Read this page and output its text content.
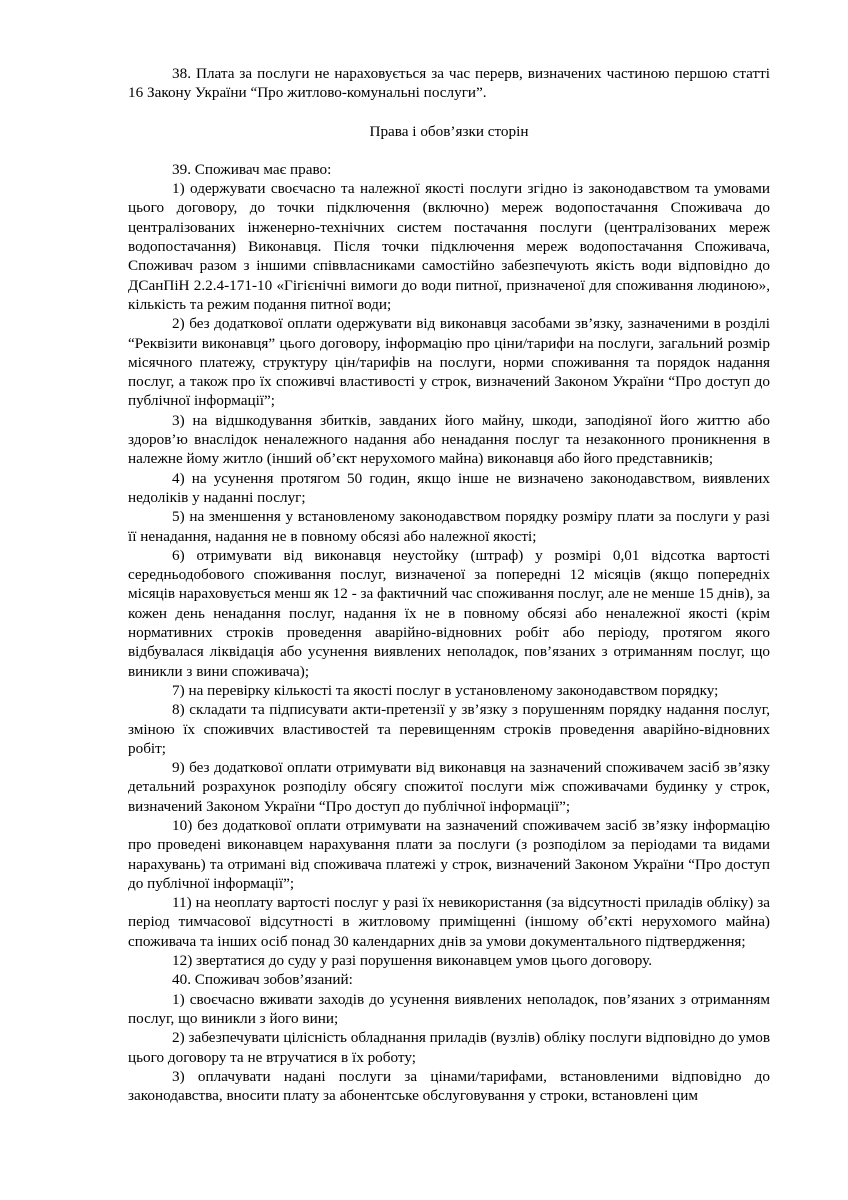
38. Плата за послуги не нараховується за час перерв, визначених частиною першою статті 16 Закону України “Про житлово-комунальні послуги”.

Права і обов’язки сторін

39. Споживач має право:

1) одержувати своєчасно та належної якості послуги згідно із законодавством та умовами цього договору, до точки підключення (включно) мереж водопостачання Споживача до централізованих інженерно-технічних систем постачання послуги (централізованих мереж водопостачання) Виконавця. Після точки підключення мереж водопостачання Споживача, Споживач разом з іншими співвласниками самостійно забезпечують якість води відповідно до ДСанПіН 2.2.4-171-10 «Гігієнічні вимоги до води питної, призначеної для споживання людиною», кількість та режим подання питної води;

2) без додаткової оплати одержувати від виконавця засобами зв’язку, зазначеними в розділі “Реквізити виконавця” цього договору, інформацію про ціни/тарифи на послуги, загальний розмір місячного платежу, структуру цін/тарифів на послуги, норми споживання та порядок надання послуг, а також про їх споживчі властивості у строк, визначений Законом України “Про доступ до публічної інформації”;

3) на відшкодування збитків, завданих його майну, шкоди, заподіяної його життю або здоров’ю внаслідок неналежного надання або ненадання послуг та незаконного проникнення в належне йому житло (інший об’єкт нерухомого майна) виконавця або його представників;

4) на усунення протягом 50 годин, якщо інше не визначено законодавством, виявлених недоліків у наданні послуг;

5) на зменшення у встановленому законодавством порядку розміру плати за послуги у разі її ненадання, надання не в повному обсязі або належної якості;

6) отримувати від виконавця неустойку (штраф) у розмірі 0,01 відсотка вартості середньодобового споживання послуг, визначеної за попередні 12 місяців (якщо попередніх місяців нараховується менш як 12 - за фактичний час споживання послуг, але не менше 15 днів), за кожен день ненадання послуг, надання їх не в повному обсязі або неналежної якості (крім нормативних строків проведення аварійно-відновних робіт або періоду, протягом якого відбувалася ліквідація або усунення виявлених неполадок, пов’язаних з отриманням послуг, що виникли з вини споживача);

7) на перевірку кількості та якості послуг в установленому законодавством порядку;

8) складати та підписувати акти-претензії у зв’язку з порушенням порядку надання послуг, зміною їх споживчих властивостей та перевищенням строків проведення аварійно-відновних робіт;

9) без додаткової оплати отримувати від виконавця на зазначений споживачем засіб зв’язку детальний розрахунок розподілу обсягу спожитої послуги між споживачами будинку у строк, визначений Законом України “Про доступ до публічної інформації”;

10) без додаткової оплати отримувати на зазначений споживачем засіб зв’язку інформацію про проведені виконавцем нарахування плати за послуги (з розподілом за періодами та видами нарахувань) та отримані від споживача платежі у строк, визначений Законом України “Про доступ до публічної інформації”;

11) на неоплату вартості послуг у разі їх невикористання (за відсутності приладів обліку) за період тимчасової відсутності в житловому приміщенні (іншому об’єкті нерухомого майна) споживача та інших осіб понад 30 календарних днів за умови документального підтвердження;

12) звертатися до суду у разі порушення виконавцем умов цього договору.

40. Споживач зобов’язаний:

1) своєчасно вживати заходів до усунення виявлених неполадок, пов’язаних з отриманням послуг, що виникли з його вини;

2) забезпечувати цілісність обладнання приладів (вузлів) обліку послуги відповідно до умов цього договору та не втручатися в їх роботу;

3) оплачувати надані послуги за цінами/тарифами, встановленими відповідно до законодавства, вносити плату за абонентське обслуговування у строки, встановлені цим
